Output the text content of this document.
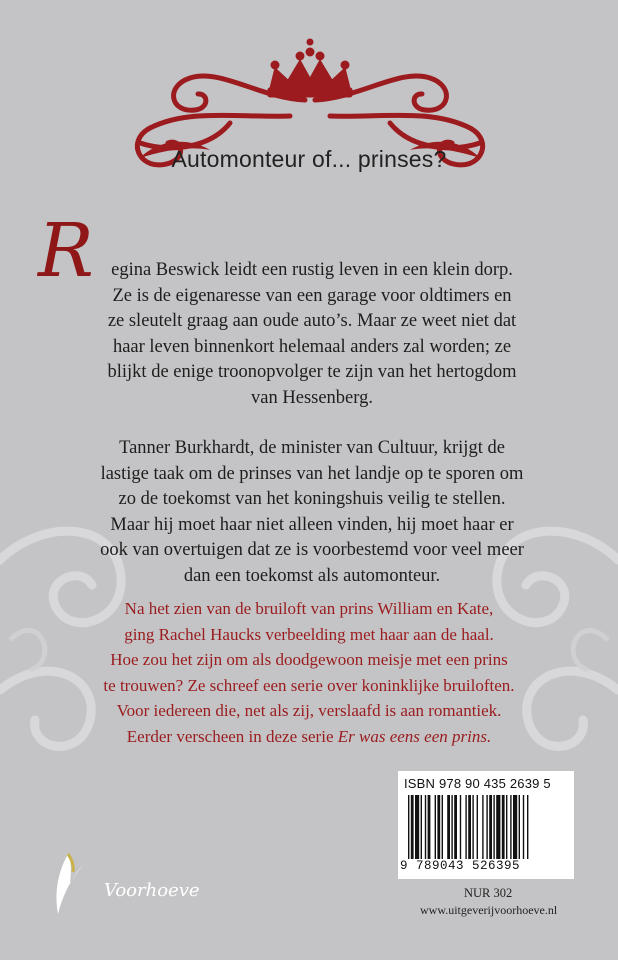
Automonteur of... prinses?
R egina Beswick leidt een rustig leven in een klein dorp.
Ze is de eigenaresse van een garage voor oldtimers en
ze sleutelt graag aan oude auto’s. Maar ze weet niet dat
haar leven binnenkort helemaal anders zal worden; ze
blijkt de enige troonopvolger te zijn van het hertogdom
van Hessenberg.
Tanner Burkhardt, de minister van Cultuur, krijgt de
lastige taak om de prinses van het landje op te sporen om
zo de toekomst van het koningshuis veilig te stellen.
Maar hij moet haar niet alleen vinden, hij moet haar er
ook van overtuigen dat ze is voorbestemd voor veel meer
dan een toekomst als automonteur.
Na het zien van de bruiloft van prins William en Kate,
ging Rachel Haucks verbeelding met haar aan de haal.
Hoe zou het zijn om als doodgewoon meisje met een prins
te trouwen? Ze schreef een serie over koninklijke bruiloften.
Voor iedereen die, net als zij, verslaafd is aan romantiek.
Eerder verscheen in deze serie Er was eens een prins.
ISBN 978 90 435 2639 5
9 789043 526395
NUR 302
www.uitgeverijvoorhoeve.nl
Voorhoeve
